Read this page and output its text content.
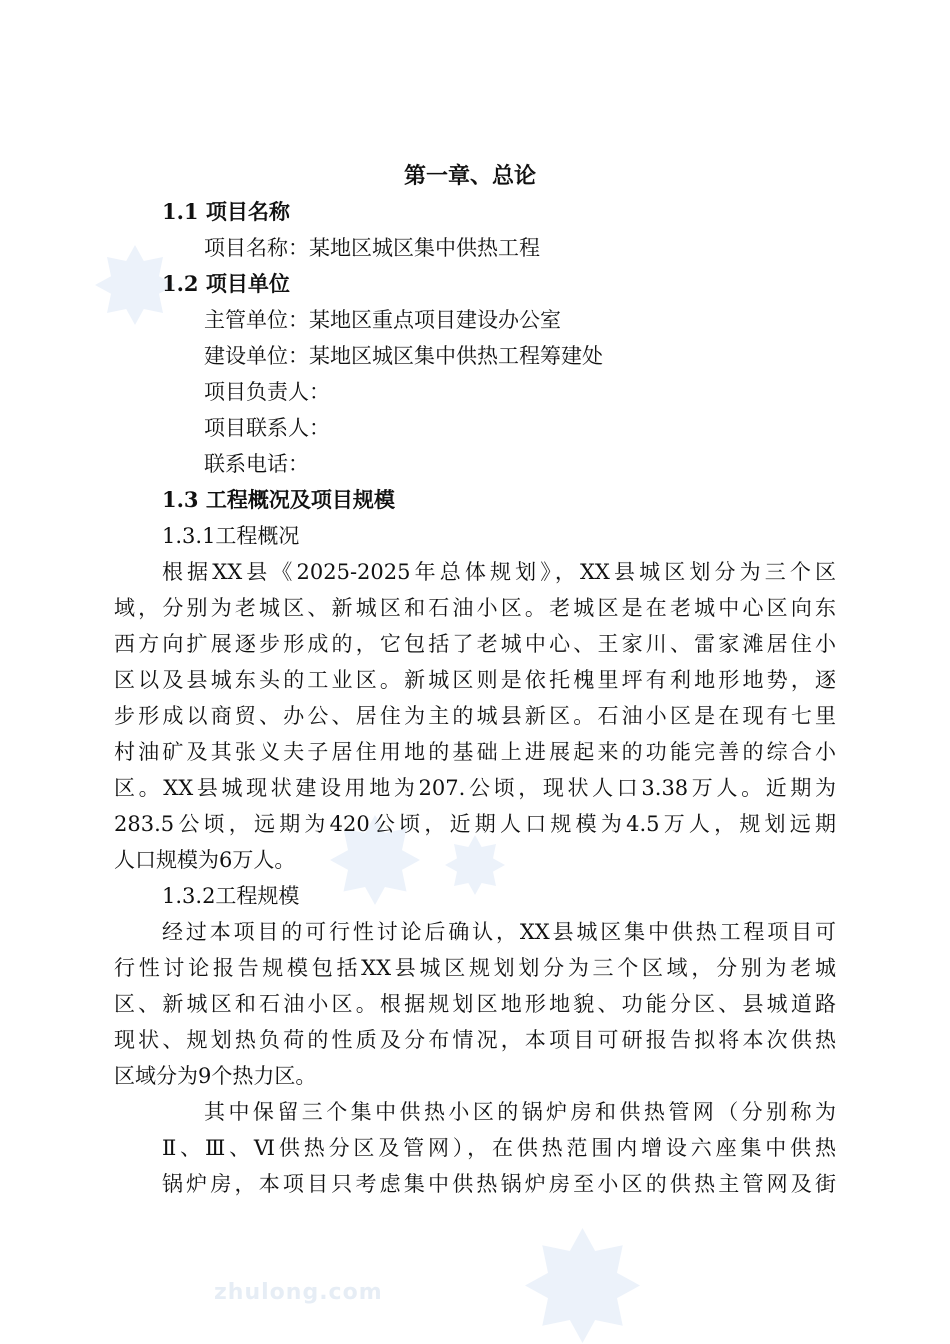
zhulong.com
第一章、总论
1.1 项目名称
项目名称：某地区城区集中供热工程
1.2 项目单位
主管单位：某地区重点项目建设办公室
建设单位：某地区城区集中供热工程筹建处
项目负责人：
项目联系人：
联系电话：
1.3 工程概况及项目规模
1.3.1工程概况
根据XX县《2025-2025年总体规划》，XX县城区划分为三个区
域，分别为老城区、新城区和石油小区。老城区是在老城中心区向东
西方向扩展逐步形成的，它包括了老城中心、王家川、雷家滩居住小
区以及县城东头的工业区。新城区则是依托槐里坪有利地形地势，逐
步形成以商贸、办公、居住为主的城县新区。石油小区是在现有七里
村油矿及其张义夫子居住用地的基础上进展起来的功能完善的综合小
区。XX县城现状建设用地为207.公顷，现状人口3.38万人。近期为
283.5公顷，远期为420公顷，近期人口规模为4.5万人，规划远期
人口规模为6万人。
1.3.2工程规模
经过本项目的可行性讨论后确认，XX县城区集中供热工程项目可
行性讨论报告规模包括XX县城区规划划分为三个区域，分别为老城
区、新城区和石油小区。根据规划区地形地貌、功能分区、县城道路
现状、规划热负荷的性质及分布情况，本项目可研报告拟将本次供热
区域分为9个热力区。
其中保留三个集中供热小区的锅炉房和供热管网（分别称为
Ⅱ、Ⅲ、Ⅵ供热分区及管网），在供热范围内增设六座集中供热
锅炉房，本项目只考虑集中供热锅炉房至小区的供热主管网及街
